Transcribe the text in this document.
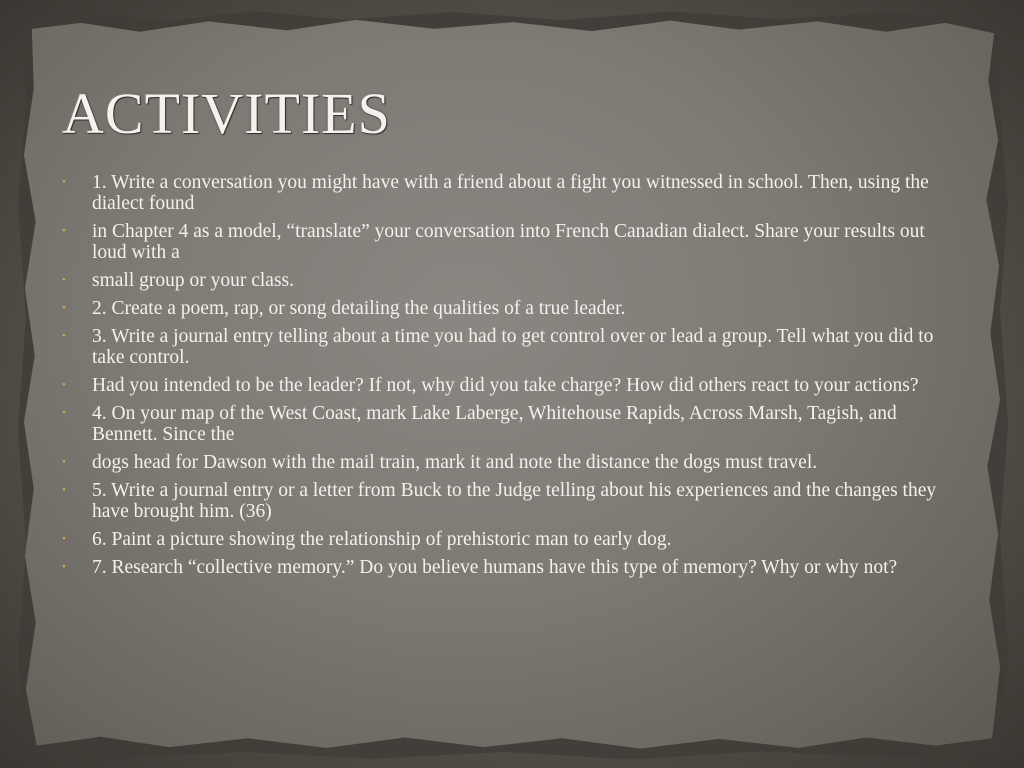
ACTIVITIES
• 1. Write a conversation you might have with a friend about a fight you witnessed in school. Then, using the dialect found
• in Chapter 4 as a model, “translate” your conversation into French Canadian dialect. Share your results out loud with a
• small group or your class.
• 2. Create a poem, rap, or song detailing the qualities of a true leader.
• 3. Write a journal entry telling about a time you had to get control over or lead a group. Tell what you did to take control.
• Had you intended to be the leader? If not, why did you take charge? How did others react to your actions?
• 4. On your map of the West Coast, mark Lake Laberge, Whitehouse Rapids, Across Marsh, Tagish, and Bennett. Since the
• dogs head for Dawson with the mail train, mark it and note the distance the dogs must travel.
• 5. Write a journal entry or a letter from Buck to the Judge telling about his experiences and the changes they have brought him. (36)
• 6. Paint a picture showing the relationship of prehistoric man to early dog.
• 7. Research “collective memory.” Do you believe humans have this type of memory? Why or why not?
